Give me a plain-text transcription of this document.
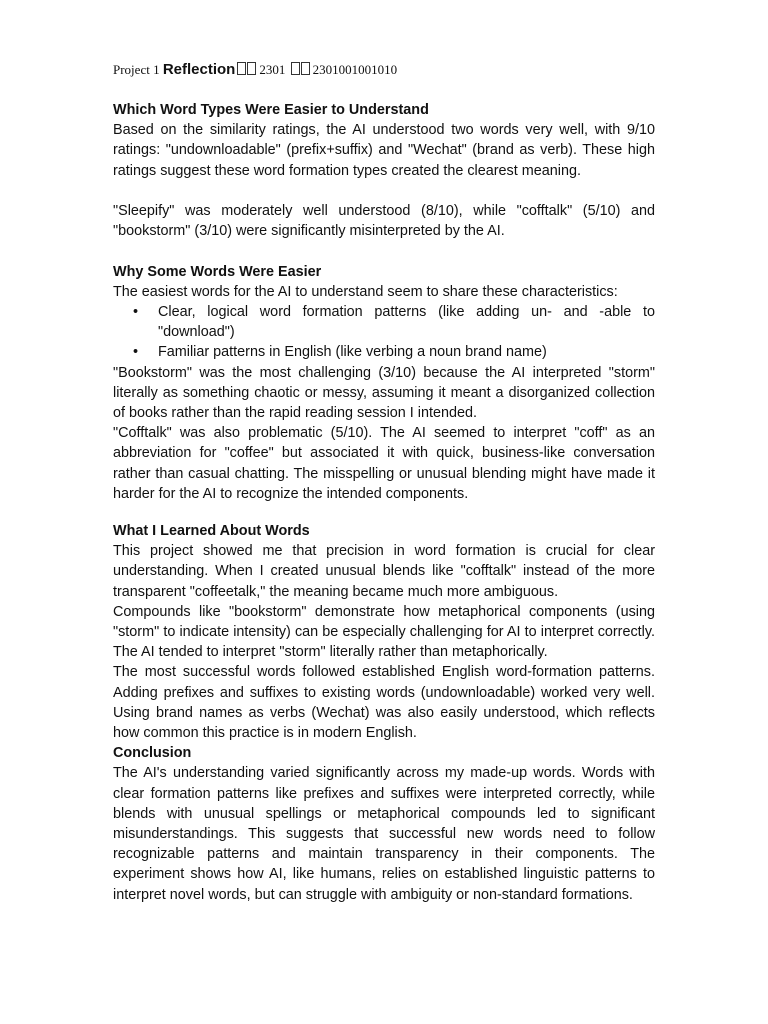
Project 1 Reflection 2301 2301001001010
Which Word Types Were Easier to Understand

Based on the similarity ratings, the AI understood two words very well, with 9/10 ratings: "undownloadable" (prefix+suffix) and "Wechat" (brand as verb). These high ratings suggest these word formation types created the clearest meaning.

"Sleepify" was moderately well understood (8/10), while "cofftalk" (5/10) and "bookstorm" (3/10) were significantly misinterpreted by the AI.

Why Some Words Were Easier

The easiest words for the AI to understand seem to share these characteristics:

• Clear, logical word formation patterns (like adding un- and -able to "download")
• Familiar patterns in English (like verbing a noun brand name)

"Bookstorm" was the most challenging (3/10) because the AI interpreted "storm" literally as something chaotic or messy, assuming it meant a disorganized collection of books rather than the rapid reading session I intended.

"Cofftalk" was also problematic (5/10). The AI seemed to interpret "coff" as an abbreviation for "coffee" but associated it with quick, business-like conversation rather than casual chatting. The misspelling or unusual blending might have made it harder for the AI to recognize the intended components.

What I Learned About Words

This project showed me that precision in word formation is crucial for clear understanding. When I created unusual blends like "cofftalk" instead of the more transparent "coffeetalk," the meaning became much more ambiguous.

Compounds like "bookstorm" demonstrate how metaphorical components (using "storm" to indicate intensity) can be especially challenging for AI to interpret correctly. The AI tended to interpret "storm" literally rather than metaphorically.

The most successful words followed established English word-formation patterns. Adding prefixes and suffixes to existing words (undownloadable) worked very well. Using brand names as verbs (Wechat) was also easily understood, which reflects how common this practice is in modern English.

Conclusion

The AI's understanding varied significantly across my made-up words. Words with clear formation patterns like prefixes and suffixes were interpreted correctly, while blends with unusual spellings or metaphorical compounds led to significant misunderstandings. This suggests that successful new words need to follow recognizable patterns and maintain transparency in their components. The experiment shows how AI, like humans, relies on established linguistic patterns to interpret novel words, but can struggle with ambiguity or non-standard formations.
